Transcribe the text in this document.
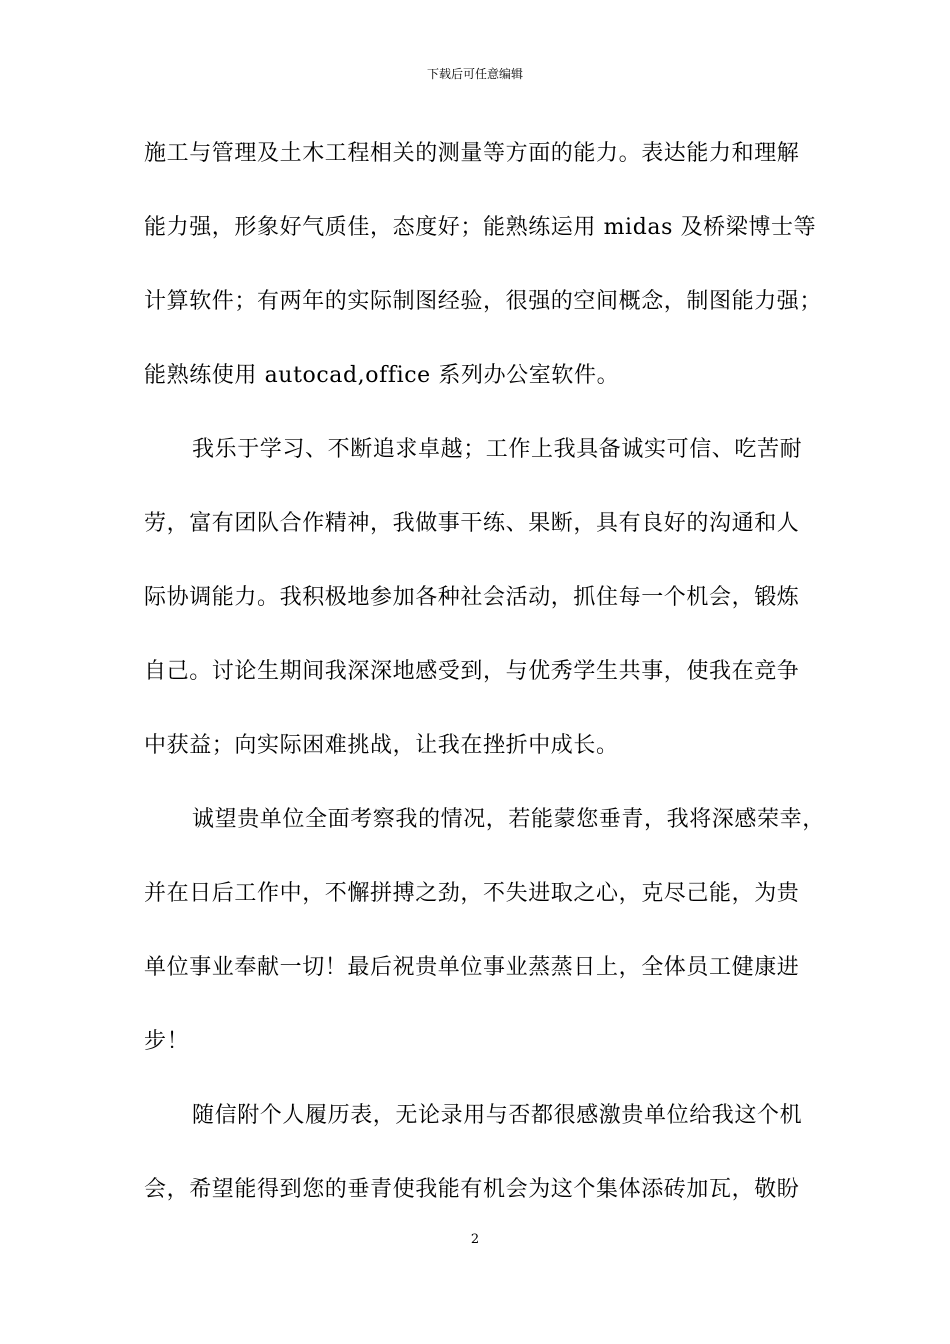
下载后可任意编辑
施工与管理及土木工程相关的测量等方面的能力。表达能力和理解
能力强，形象好气质佳，态度好；能熟练运用 midas 及桥梁博士等
计算软件；有两年的实际制图经验，很强的空间概念，制图能力强；
能熟练使用 autocad,office 系列办公室软件。
我乐于学习、不断追求卓越；工作上我具备诚实可信、吃苦耐
劳，富有团队合作精神，我做事干练、果断，具有良好的沟通和人
际协调能力。我积极地参加各种社会活动，抓住每一个机会，锻炼
自己。讨论生期间我深深地感受到，与优秀学生共事，使我在竞争
中获益；向实际困难挑战，让我在挫折中成长。
诚望贵单位全面考察我的情况，若能蒙您垂青，我将深感荣幸，
并在日后工作中，不懈拼搏之劲，不失进取之心，克尽己能，为贵
单位事业奉献一切！最后祝贵单位事业蒸蒸日上，全体员工健康进
步！
随信附个人履历表，无论录用与否都很感激贵单位给我这个机
会，希望能得到您的垂青使我能有机会为这个集体添砖加瓦，敬盼
2
